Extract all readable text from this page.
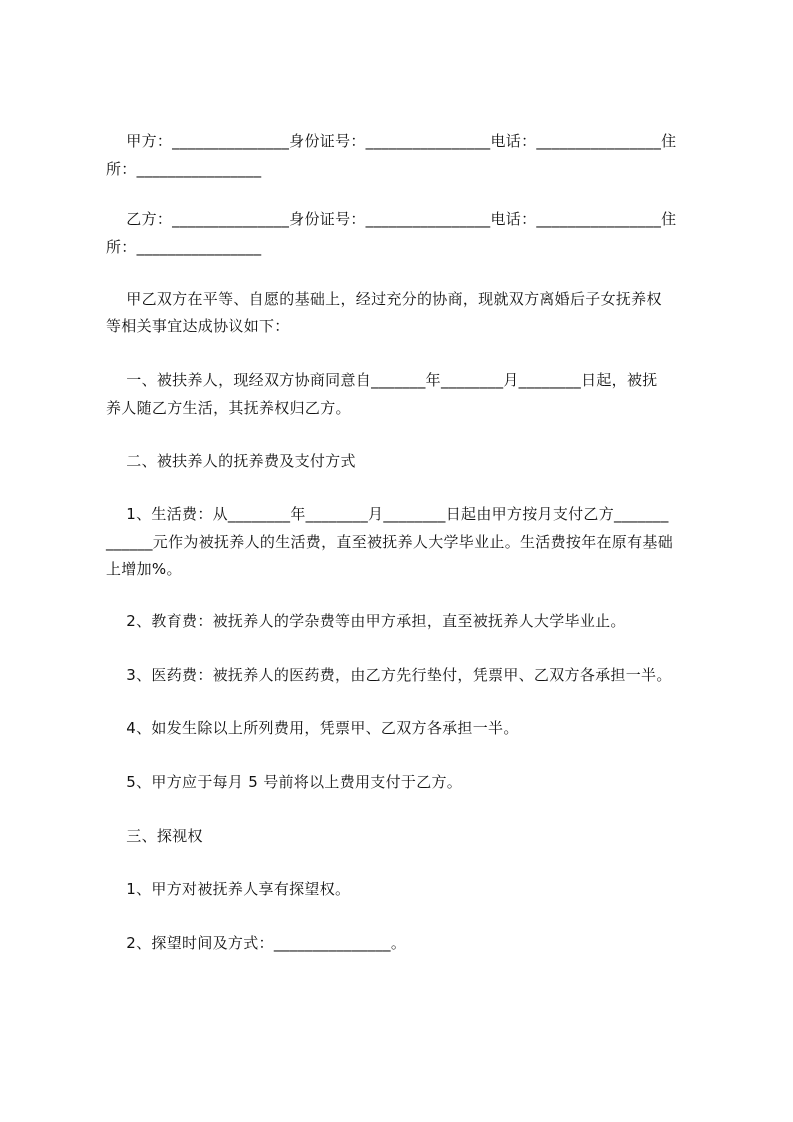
甲方：_______________身份证号：________________电话：________________住
所：________________
乙方：_______________身份证号：________________电话：________________住
所：________________
甲乙双方在平等、自愿的基础上，经过充分的协商，现就双方离婚后子女抚养权
等相关事宜达成协议如下：
一、被扶养人，现经双方协商同意自_______年________月________日起，被抚
养人随乙方生活，其抚养权归乙方。
二、被扶养人的抚养费及支付方式
1、生活费：从________年________月________日起由甲方按月支付乙方_______
______元作为被抚养人的生活费，直至被抚养人大学毕业止。生活费按年在原有基础
上增加%。
2、教育费：被抚养人的学杂费等由甲方承担，直至被抚养人大学毕业止。
3、医药费：被抚养人的医药费，由乙方先行垫付，凭票甲、乙双方各承担一半。
4、如发生除以上所列费用，凭票甲、乙双方各承担一半。
5、甲方应于每月 5 号前将以上费用支付于乙方。
三、探视权
1、甲方对被抚养人享有探望权。
2、探望时间及方式：_______________。
